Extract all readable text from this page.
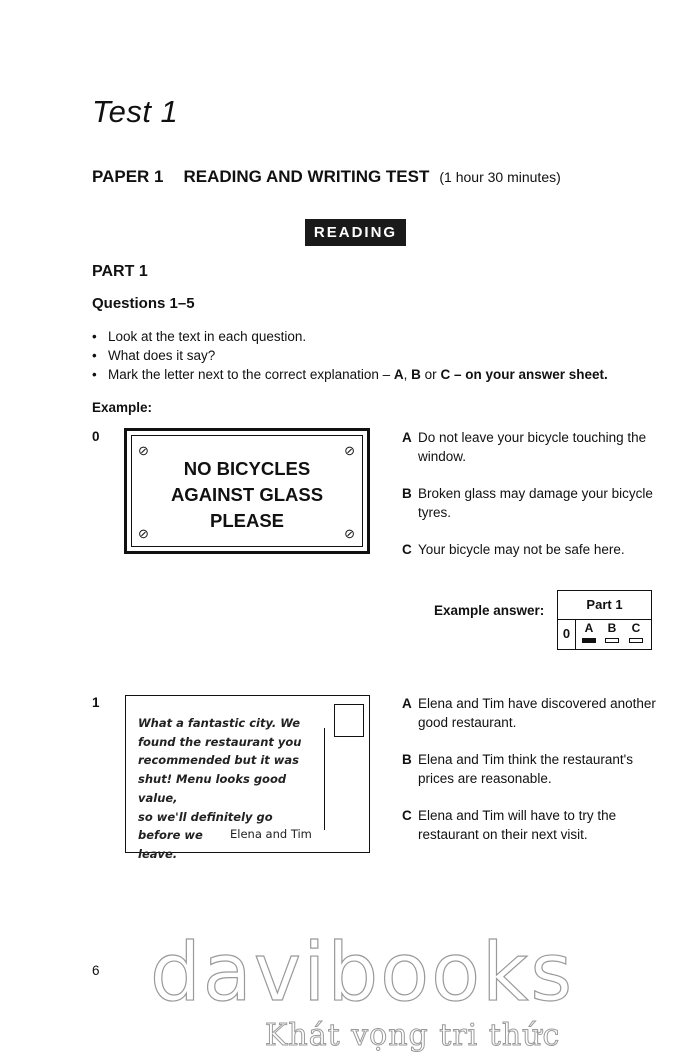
Test 1
PAPER 1 READING AND WRITING TEST (1 hour 30 minutes)
READING
PART 1
Questions 1–5
• Look at the text in each question.
• What does it say?
• Mark the letter next to the correct explanation – A, B or C – on your answer sheet.
Example:
0
⊘	⊘
⊘	⊘
NO BICYCLES
AGAINST GLASS
PLEASE
A Do not leave your bicycle touching the
window.
B Broken glass may damage your bicycle
tyres.
C Your bicycle may not be safe here.
Example answer:	Part 1
0	A	B	C
1
What a fantastic city. We
found the restaurant you
recommended but it was
shut! Menu looks good value,
so we'll definitely go before we
leave.
Elena and Tim
A Elena and Tim have discovered another
good restaurant.
B Elena and Tim think the restaurant's
prices are reasonable.
C Elena and Tim will have to try the
restaurant on their next visit.
6 davibooks
Khát vọng tri thức
